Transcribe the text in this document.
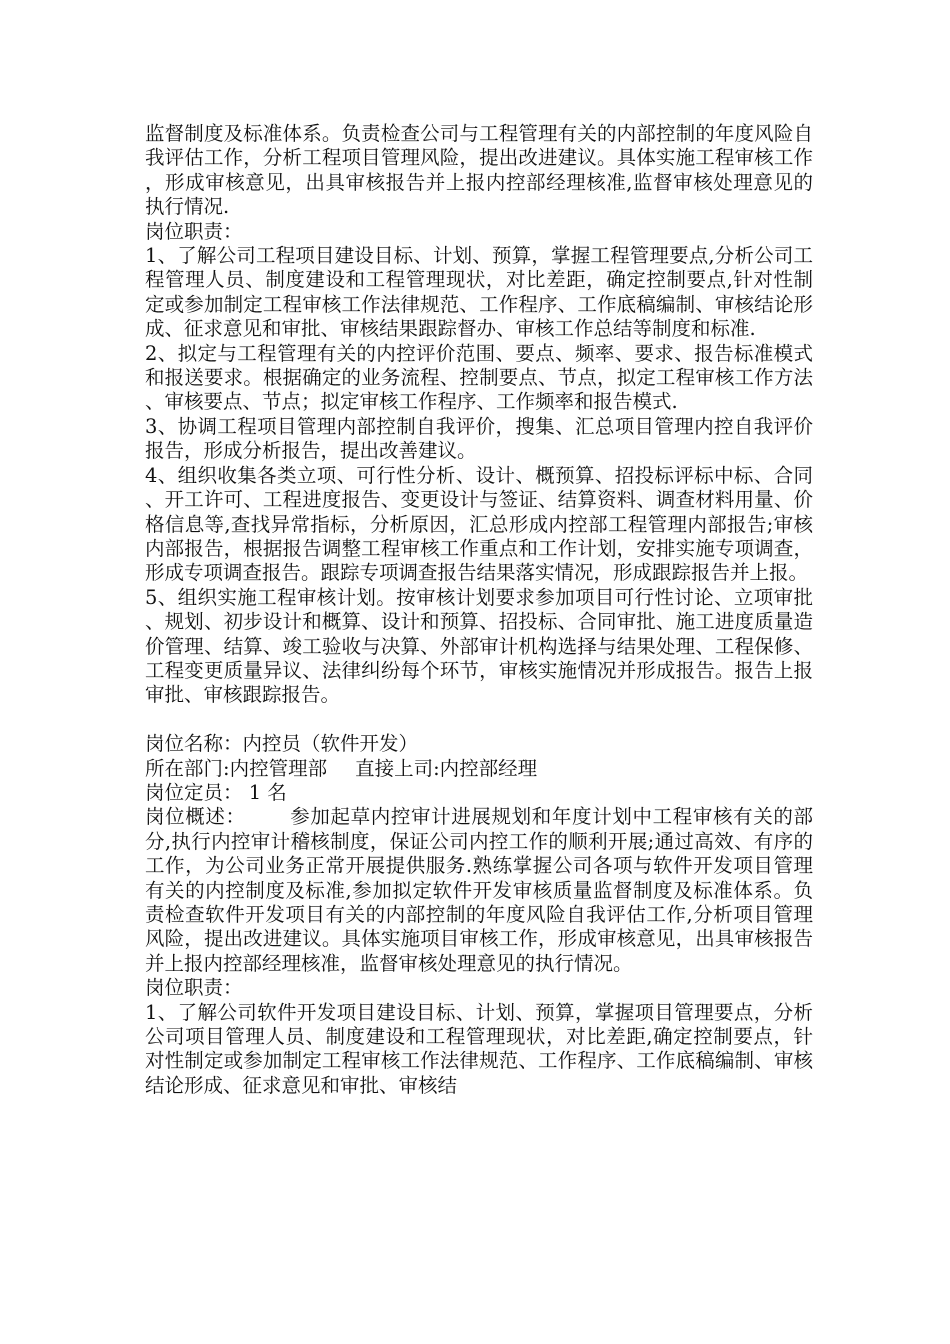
监督制度及标准体系。负责检查公司与工程管理有关的内部控制的年度风险自我评估工作，分析工程项目管理风险，提出改进建议。具体实施工程审核工作，形成审核意见，出具审核报告并上报内控部经理核准,监督审核处理意见的执行情况.

岗位职责：

1、了解公司工程项目建设目标、计划、预算，掌握工程管理要点,分析公司工程管理人员、制度建设和工程管理现状，对比差距，确定控制要点,针对性制定或参加制定工程审核工作法律规范、工作程序、工作底稿编制、审核结论形成、征求意见和审批、审核结果跟踪督办、审核工作总结等制度和标准.

2、拟定与工程管理有关的内控评价范围、要点、频率、要求、报告标准模式和报送要求。根据确定的业务流程、控制要点、节点，拟定工程审核工作方法、审核要点、节点；拟定审核工作程序、工作频率和报告模式.

3、协调工程项目管理内部控制自我评价，搜集、汇总项目管理内控自我评价报告，形成分析报告，提出改善建议。

4、组织收集各类立项、可行性分析、设计、概预算、招投标评标中标、合同、开工许可、工程进度报告、变更设计与签证、结算资料、调查材料用量、价格信息等,查找异常指标，分析原因，汇总形成内控部工程管理内部报告;审核内部报告，根据报告调整工程审核工作重点和工作计划，安排实施专项调查，形成专项调查报告。跟踪专项调查报告结果落实情况，形成跟踪报告并上报。

5、组织实施工程审核计划。按审核计划要求参加项目可行性讨论、立项审批、规划、初步设计和概算、设计和预算、招投标、合同审批、施工进度质量造价管理、结算、竣工验收与决算、外部审计机构选择与结果处理、工程保修、工程变更质量异议、法律纠纷每个环节，审核实施情况并形成报告。报告上报审批、审核跟踪报告。

岗位名称：内控员（软件开发）

所在部门:内控管理部 直接上司:内控部经理

岗位定员： 1 名

岗位概述： 参加起草内控审计进展规划和年度计划中工程审核有关的部分,执行内控审计稽核制度，保证公司内控工作的顺利开展;通过高效、有序的工作，为公司业务正常开展提供服务.熟练掌握公司各项与软件开发项目管理有关的内控制度及标准,参加拟定软件开发审核质量监督制度及标准体系。负责检查软件开发项目有关的内部控制的年度风险自我评估工作,分析项目管理风险，提出改进建议。具体实施项目审核工作，形成审核意见，出具审核报告并上报内控部经理核准，监督审核处理意见的执行情况。

岗位职责：

1、了解公司软件开发项目建设目标、计划、预算，掌握项目管理要点，分析公司项目管理人员、制度建设和工程管理现状，对比差距,确定控制要点，针对性制定或参加制定工程审核工作法律规范、工作程序、工作底稿编制、审核结论形成、征求意见和审批、审核结
